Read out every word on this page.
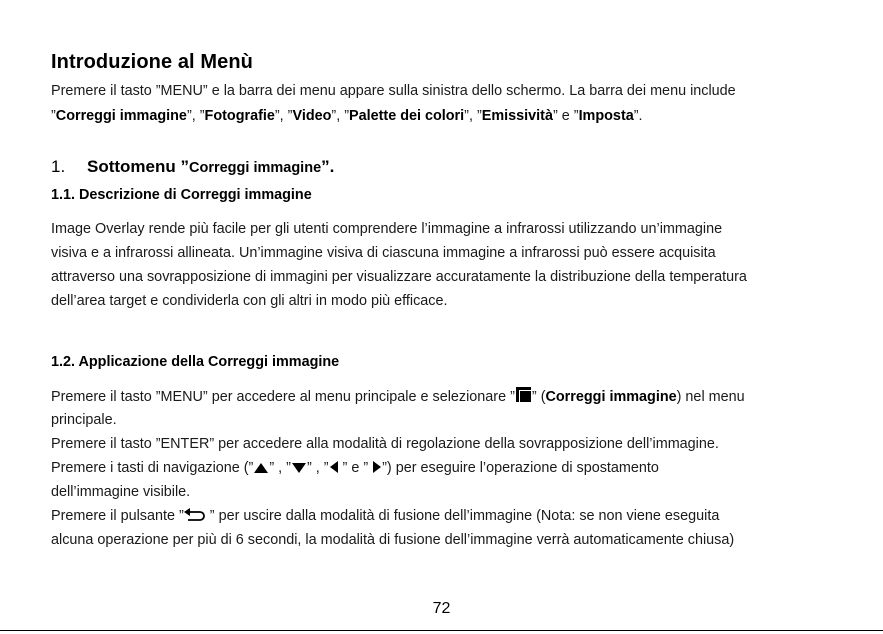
Introduzione al Menù
Premere il tasto ”MENU” e la barra dei menu appare sulla sinistra dello schermo. La barra dei menu include
”Correggi immagine”, ”Fotografie”, ”Video”, ”Palette dei colori”, ”Emissività” e ”Imposta”.
1. Sottomenu ”Correggi immagine”.
1.1. Descrizione di Correggi immagine
Image Overlay rende più facile per gli utenti comprendere l’immagine a infrarossi utilizzando un’immagine
visiva e a infrarossi allineata. Un’immagine visiva di ciascuna immagine a infrarossi può essere acquisita
attraverso una sovrapposizione di immagini per visualizzare accuratamente la distribuzione della temperatura
dell’area target e condividerla con gli altri in modo più efficace.
1.2. Applicazione della Correggi immagine
Premere il tasto ”MENU” per accedere al menu principale e selezionare ” ” (Correggi immagine) nel menu
principale.
Premere il tasto ”ENTER” per accedere alla modalità di regolazione della sovrapposizione dell’immagine.
Premere i tasti di navigazione (” ” , ” ” , ” ” e ” ”) per eseguire l’operazione di spostamento
dell’immagine visibile.
Premere il pulsante ” ” per uscire dalla modalità di fusione dell’immagine (Nota: se non viene eseguita
alcuna operazione per più di 6 secondi, la modalità di fusione dell’immagine verrà automaticamente chiusa)
72
